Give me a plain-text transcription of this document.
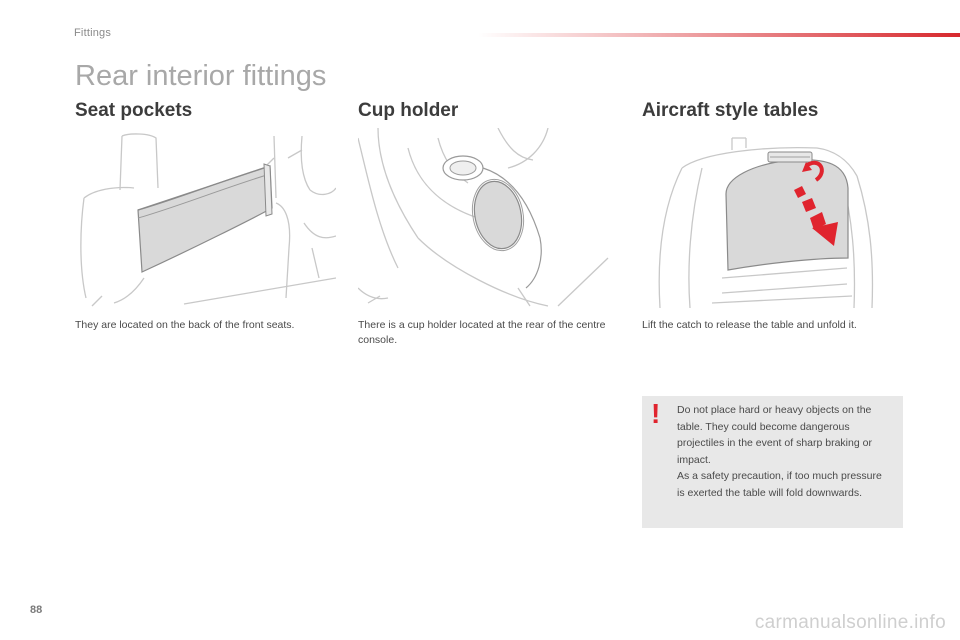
Fittings
Rear interior fittings
Seat pockets
They are located on the back of the front seats.
Cup holder
There is a cup holder located at the rear of the centre console.
Aircraft style tables
Lift the catch to release the table and unfold it.
! Do not place hard or heavy objects on the table. They could become dangerous projectiles in the event of sharp braking or impact.
As a safety precaution, if too much pressure is exerted the table will fold downwards.
88
carmanualsonline.info
